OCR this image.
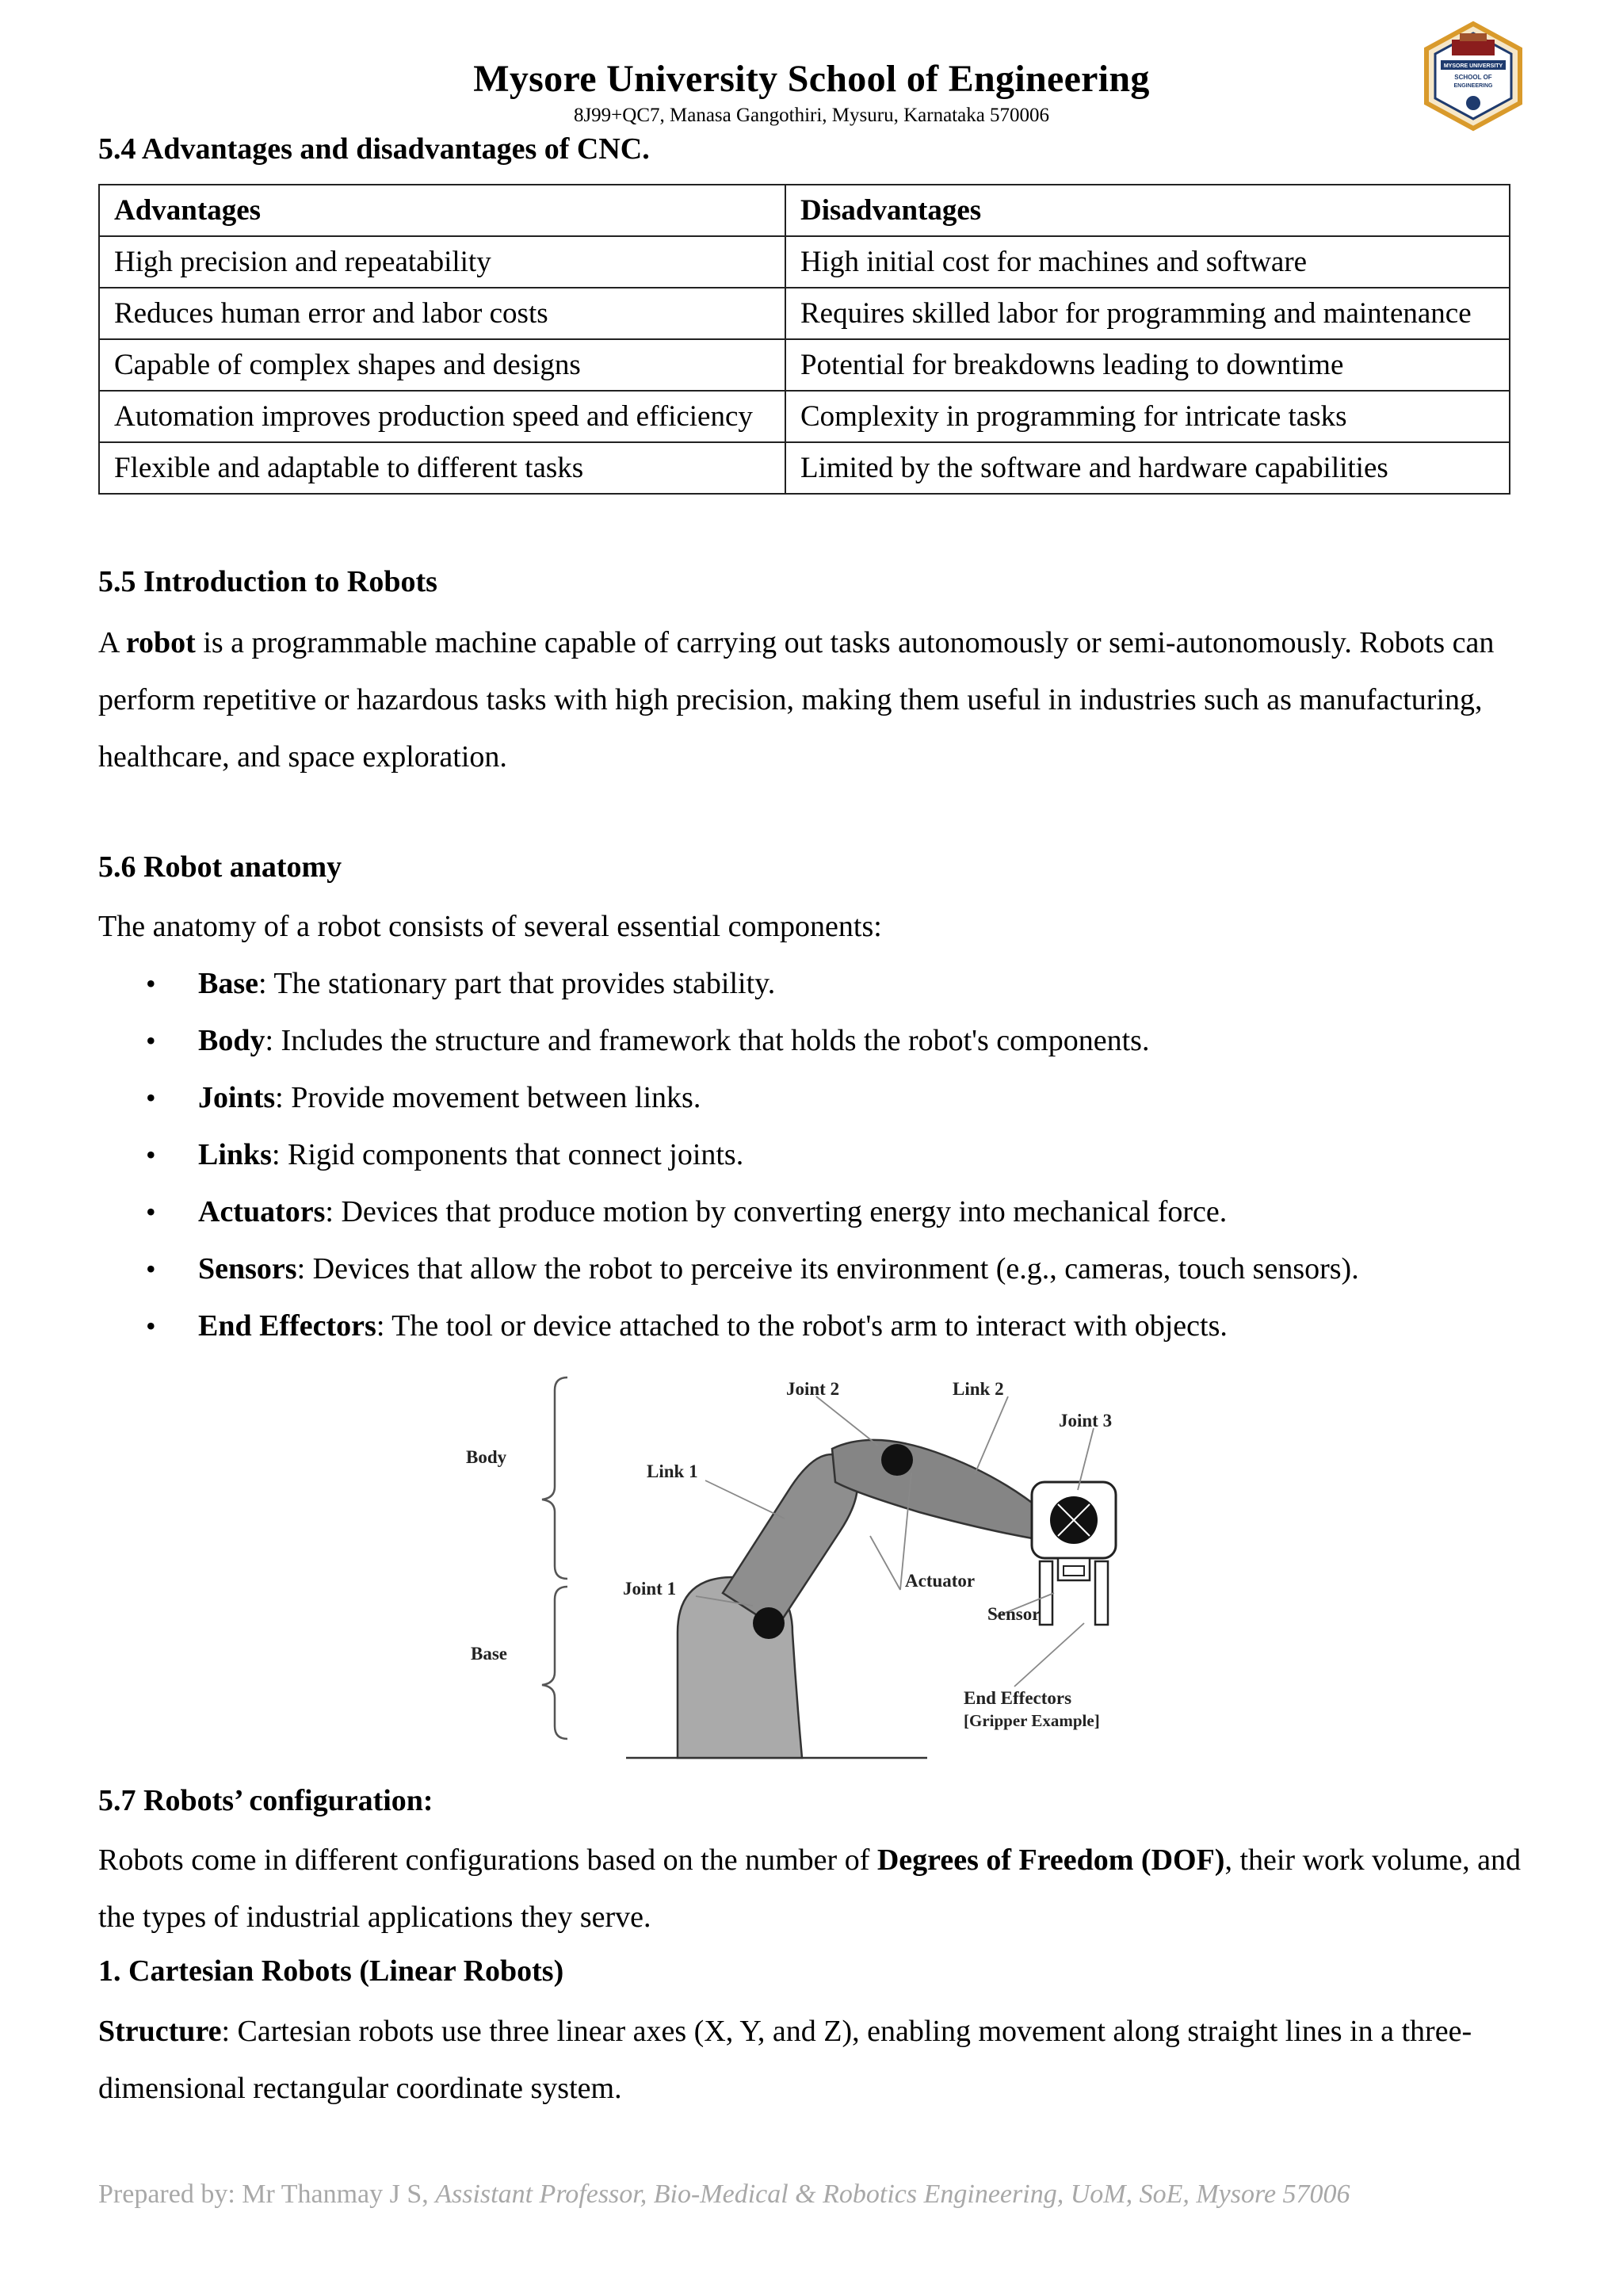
Mysore University School of Engineering
8J99+QC7, Manasa Gangothiri, Mysuru, Karnataka 570006
MYSORE UNIVERSITY
SCHOOL OF
ENGINEERING
5.4 Advantages and disadvantages of CNC.
Advantages	Disadvantages
High precision and repeatability	High initial cost for machines and software
Reduces human error and labor costs	Requires skilled labor for programming and maintenance
Capable of complex shapes and designs	Potential for breakdowns leading to downtime
Automation improves production speed and efficiency	Complexity in programming for intricate tasks
Flexible and adaptable to different tasks	Limited by the software and hardware capabilities
5.5 Introduction to Robots
A robot is a programmable machine capable of carrying out tasks autonomously or semi-autonomously. Robots can perform repetitive or hazardous tasks with high precision, making them useful in industries such as manufacturing, healthcare, and space exploration.
5.6 Robot anatomy
The anatomy of a robot consists of several essential components:
• Base: The stationary part that provides stability.
• Body: Includes the structure and framework that holds the robot's components.
• Joints: Provide movement between links.
• Links: Rigid components that connect joints.
• Actuators: Devices that produce motion by converting energy into mechanical force.
• Sensors: Devices that allow the robot to perceive its environment (e.g., cameras, touch sensors).
• End Effectors: The tool or device attached to the robot's arm to interact with objects.
Body
Base
Joint 2	Link 2
Joint 3
Link 1
Joint 1	Actuator
Sensor
End Effectors
[Gripper Example]
5.7 Robots’ configuration:
Robots come in different configurations based on the number of Degrees of Freedom (DOF), their work volume, and the types of industrial applications they serve.
1. Cartesian Robots (Linear Robots)
Structure: Cartesian robots use three linear axes (X, Y, and Z), enabling movement along straight lines in a three-dimensional rectangular coordinate system.
Prepared by: Mr Thanmay J S, Assistant Professor, Bio-Medical & Robotics Engineering, UoM, SoE, Mysore 57006
